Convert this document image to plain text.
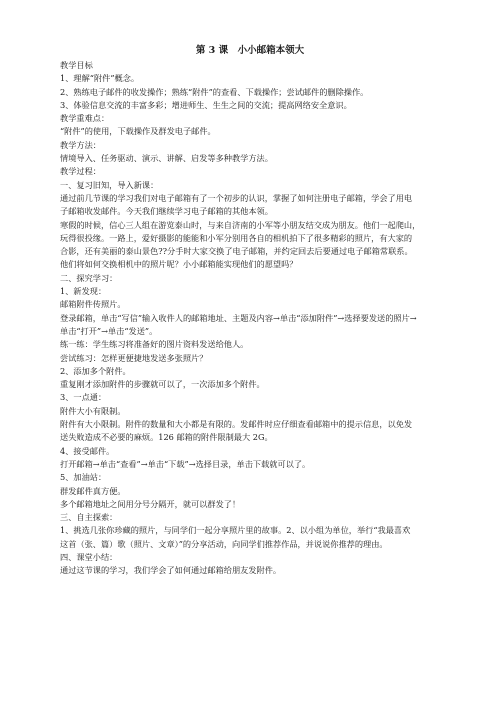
第 3 课　小小邮箱本领大
教学目标
1、理解“附件”概念。
2、熟练电子邮件的收发操作；熟练“附件”的查看、下载操作；尝试邮件的删除操作。
3、体验信息交流的丰富多彩；增进师生、生生之间的交流；提高网络安全意识。
教学重难点：
“附件”的使用，下载操作及群发电子邮件。
教学方法：
情境导入、任务驱动、演示、讲解、启发等多种教学方法。
教学过程：
一、复习旧知，导入新课：
通过前几节课的学习我们对电子邮箱有了一个初步的认识，掌握了如何注册电子邮箱，学会了用电
子邮箱收发邮件。今天我们继续学习电子邮箱的其他本领。
寒假的时候，信心三人组在游览泰山时，与来自济南的小军等小朋友结交成为朋友。他们一起爬山，
玩得很投缘。一路上，爱好摄影的能能和小军分别用各自的相机拍下了很多精彩的照片，有大家的
合影，还有美丽的泰山景色??分手时大家交换了电子邮箱，并约定回去后要通过电子邮箱常联系。
他们将如何交换相机中的照片呢？小小邮箱能实现他们的愿望吗？
二、探究学习：
1、新发现：
邮箱附件传照片。
登录邮箱，单击“写信”输入收件人的邮箱地址、主题及内容→单击“添加附件”→选择要发送的照片→
单击“打开”→单击“发送”。
练一练：学生练习将准备好的图片资料发送给他人。
尝试练习：怎样更便捷地发送多张照片？
2、添加多个附件。
重复刚才添加附件的步骤就可以了，一次添加多个附件。
3、一点通：
附件大小有限制。
附件有大小限制。附件的数量和大小都是有限的。发邮件时应仔细查看邮箱中的提示信息，以免发
送失败造成不必要的麻烦。126 邮箱的附件限制最大 2G。
4、接受邮件。
打开邮箱→单击“查看”→单击“下载”→选择目录，单击下载就可以了。
5、加油站：
群发邮件真方便。
多个邮箱地址之间用分号分隔开，就可以群发了！
三、自主探索：
1、挑选几张你珍藏的照片，与同学们一起分享照片里的故事。2、以小组为单位，举行“我最喜欢
这首（张、篇）歌（照片、文章）”的分享活动，向同学们推荐作品，并说说你推荐的理由。
四、课堂小结：
通过这节课的学习，我们学会了如何通过邮箱给朋友发附件。
